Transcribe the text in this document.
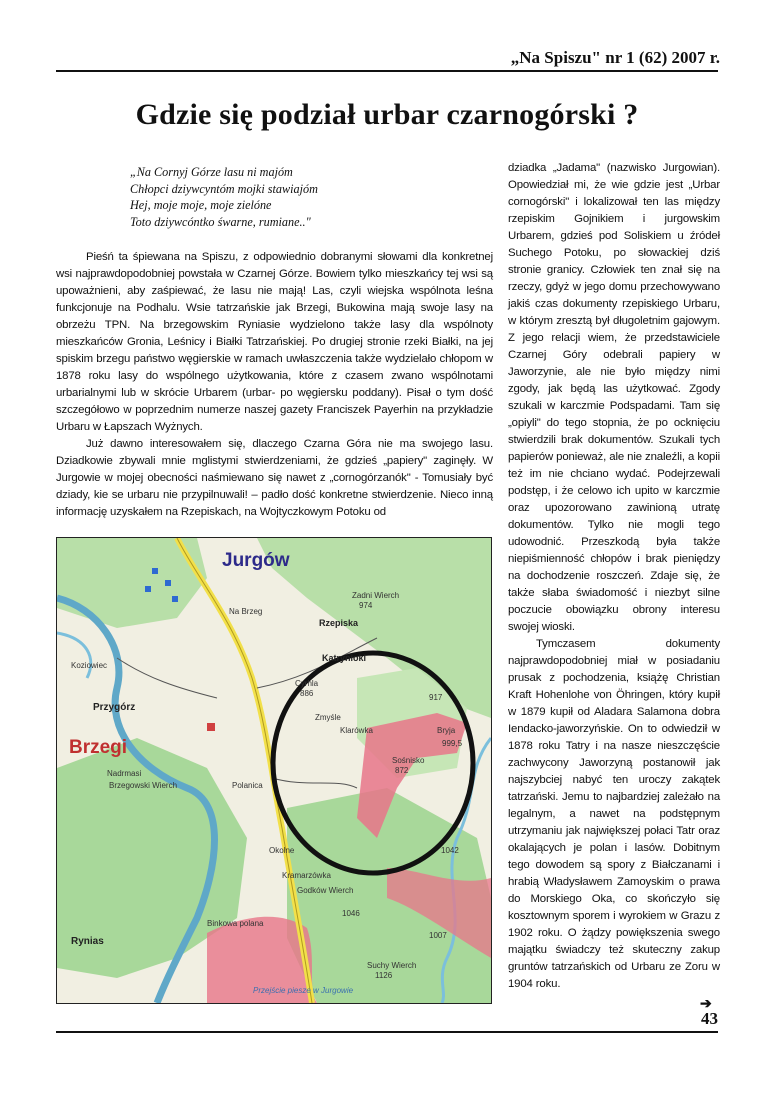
„Na Spiszu" nr 1 (62) 2007 r.
Gdzie się podział urbar czarnogórski ?
„Na Cornyj Górze lasu ni majóm
Chłopci dziywcyntóm mojki stawiajóm
Hej, moje moje, moje zielóne
Toto dziywcóntko śwarne, rumiane.."

Pieśń ta śpiewana na Spiszu, z odpowiednio dobranymi słowami dla konkretnej wsi najprawdopodobniej powstała w Czarnej Górze. Bowiem tylko mieszkańcy tej wsi są upoważnieni, aby zaśpiewać, że lasu nie mają! Las, czyli wiejska wspólnota leśna funkcjonuje na Podhalu. Wsie tatrzańskie jak Brzegi, Bukowina mają swoje lasy na obrzeżu TPN. Na brzegowskim Ryniasie wydzielono także lasy dla wspólnoty mieszkańców Gronia, Leśnicy i Białki Tatrzańskiej. Po drugiej stronie rzeki Białki, na jej spiskim brzegu państwo węgierskie w ramach uwłaszczenia także wydzielało chłopom w 1878 roku lasy do wspólnego użytkowania, które z czasem zwano wspólnotami urbarialnymi lub w skrócie Urbarem (urbar- po węgiersku poddany). Pisał o tym dość szczegółowo w poprzednim numerze naszej gazety Franciszek Payerhin na przykładzie Urbaru w Łapszach Wyżnych.

Już dawno interesowałem się, dlaczego Czarna Góra nie ma swojego lasu. Dziadkowie zbywali mnie mglistymi stwierdzeniami, że gdzieś „papiery" zaginęły. W Jurgowie w mojej obecności naśmiewano się nawet z „cornogórzanók" - Tomusiały być dziady, kie se urbaru nie przypilnuwali! – padło dość konkretne stwierdzenie. Nieco inną informację uzyskałem na Rzepiskach, na Wojtyczkowym Potoku od

dziadka „Jadama" (nazwisko Jurgowian). Opowiedział mi, że wie gdzie jest „Urbar cornogórski" i lokalizował ten las między rzepiskim Gojnikiem i jurgowskim Urbarem, gdzieś pod Soliskiem u źródeł Suchego Potoku, po słowackiej dziś stronie granicy. Człowiek ten znał się na rzeczy, gdyż w jego domu przechowywano jakiś czas dokumenty rzepiskiego Urbaru, w którym zresztą był długoletnim gajowym. Z jego relacji wiem, że przedstawiciele Czarnej Góry odebrali papiery w Jaworzynie, ale nie było między nimi zgody, jak będą las użytkować. Zgody szukali w karczmie Podspadami. Tam się „opiyli" do tego stopnia, że po ocknięciu stwierdzili brak dokumentów. Szukali tych papierów ponieważ, ale nie znaleźli, a kopii też im nie chciano wydać. Podejrzewali podstęp, i że celowo ich upito w karczmie oraz upozorowano zawinioną utratę dokumentów. Tylko nie mogli tego udowodnić. Przeszkodą była także niepiśmienność chłopów i brak pieniędzy na dochodzenie roszczeń. Zdaje się, że także słaba świadomość i niezbyt silne poczucie obowiązku obrony interesu swojej wioski.

Tymczasem dokumenty najprawdopodobniej miał w posiadaniu prusak z pochodzenia, książę Christian Kraft Hohenlohe von Öhringen, który kupił w 1879 kupił od Aladara Salamona dobra Iendacko-jaworzyńskie. On to odwiedził w 1878 roku Tatry i na nasze nieszczęście zachwycony Jaworzyną postanowił jak najszybciej nabyć ten uroczy zakątek tatrzański. Jemu to najbardziej zależało na legalnym, a nawet na podstępnym utrzymaniu jak największej połaci Tatr oraz okalających je polan i lasów. Dobitnym tego dowodem są spory z Białczanami i hrabią Władysławem Zamoyskim o prawa do Morskiego Oka, co skończyło się kosztownym sporem i wyrokiem w Grazu z 1902 roku. O żądzy powiększenia swego majątku świadczy też skuteczny zakup gruntów tatrzańskich od Urbaru ze Zoru w 1904 roku.

Jurgów
Brzegi
Przygórz
Rzepiska
Katrynioki
Cyrhla
886
Na Brzeg
Zadni Wierch
974
Klarówka
Zmyśle
Sośnisko
872
Bryja
999,5
Rynias
Koziowiec
Nadrmasi
Brzegowski Wierch	Polanica
Okolne
Kramarzówka
Godków Wierch
Binkowa polana
Suchy Wierch
1046
1007
1042
1126
917
Przejście piesze w Jurgowie
➔
43
